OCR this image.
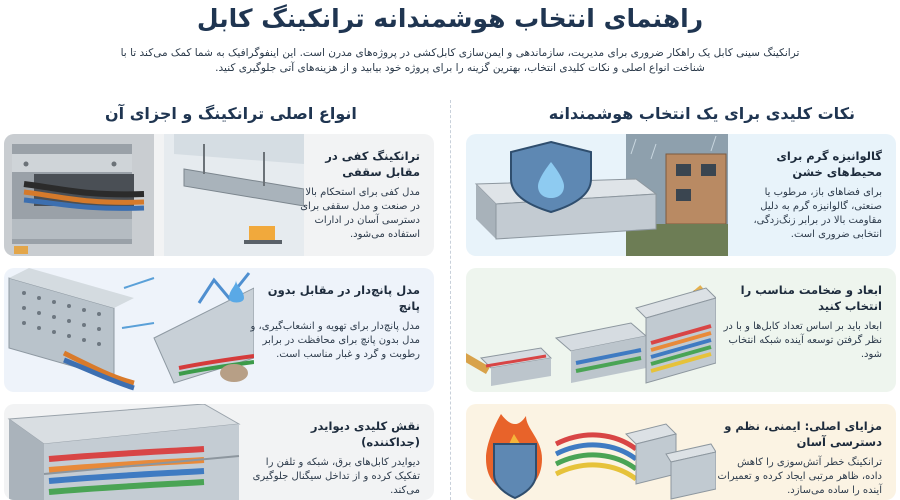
راهنمای انتخاب هوشمندانه ترانکینگ کابل
ترانکینگ سینی کابل یک راهکار ضروری برای مدیریت، سازماندهی و ایمن‌سازی کابل‌کشی در پروژه‌های مدرن است. این اینفوگرافیک به شما کمک می‌کند تا با شناخت انواع اصلی و نکات کلیدی انتخاب، بهترین گزینه را برای پروژه خود بیابید و از هزینه‌های آتی جلوگیری کنید.
نکات کلیدی برای یک انتخاب هوشمندانه
انواع اصلی ترانکینگ و اجزای آن
ترانکینگ کفی در مقابل سقفی
مدل کفی برای استحکام بالا در صنعت و مدل سقفی برای دسترسی آسان در ادارات استفاده می‌شود.
مدل پانچ‌دار در مقابل بدون پانچ
مدل پانچ‌دار برای تهویه و انشعاب‌گیری، و مدل بدون پانچ برای محافظت در برابر رطوبت و گرد و غبار مناسب است.
نقش کلیدی دیوایدر (جداکننده)
دیوایدر کابل‌های برق، شبکه و تلفن را تفکیک کرده و از تداخل سیگنال جلوگیری می‌کند.
گالوانیزه گرم برای محیط‌های خشن
برای فضاهای باز، مرطوب یا صنعتی، گالوانیزه گرم به دلیل مقاومت بالا در برابر زنگ‌زدگی، انتخابی ضروری است.
ابعاد و ضخامت مناسب را انتخاب کنید
ابعاد باید بر اساس تعداد کابل‌ها و با در نظر گرفتن توسعه آینده شبکه انتخاب شود.
مزایای اصلی: ایمنی، نظم و دسترسی آسان
ترانکینگ خطر آتش‌سوزی را کاهش داده، ظاهر مرتبی ایجاد کرده و تعمیرات آینده را ساده می‌سازد.
